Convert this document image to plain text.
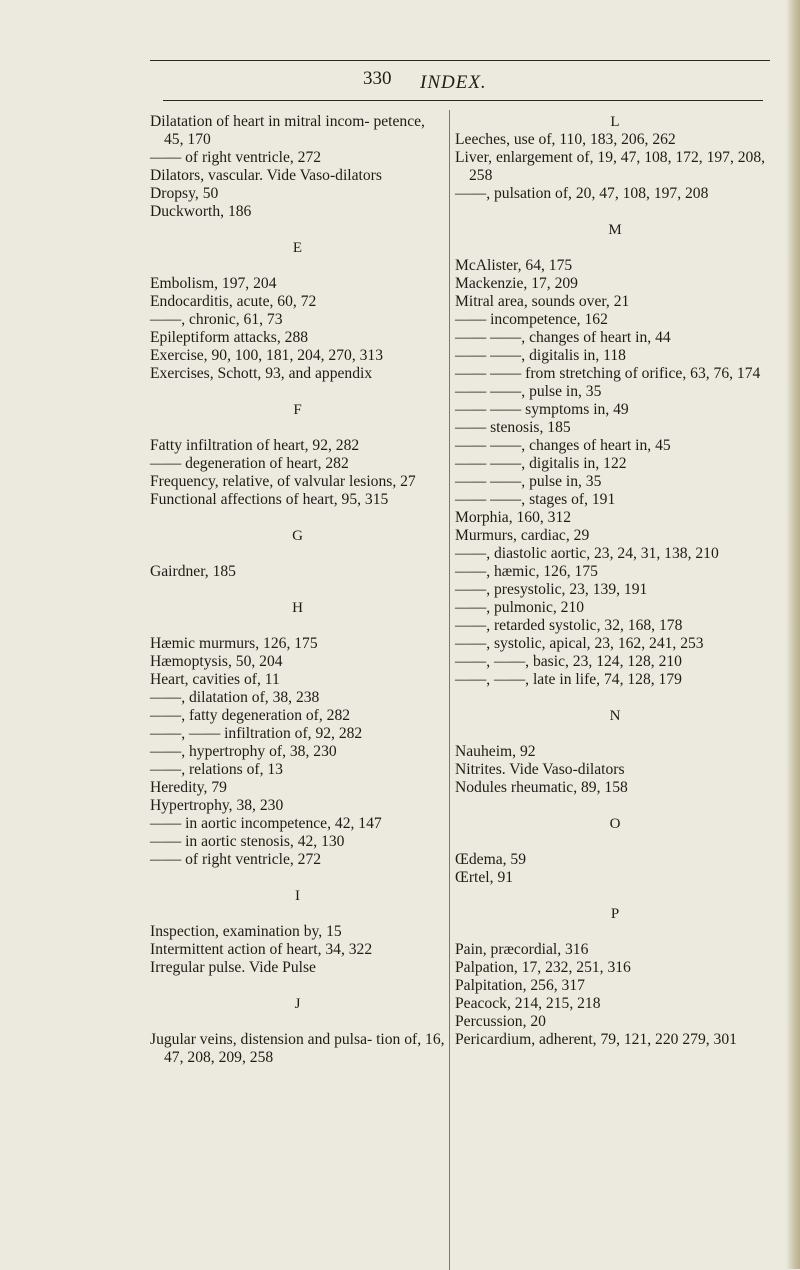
330 INDEX.
Dilatation of heart in mitral incom- petence, 45, 170
—— of right ventricle, 272
Dilators, vascular. Vide Vaso-dilators
Dropsy, 50
Duckworth, 186
E
Embolism, 197, 204
Endocarditis, acute, 60, 72
——, chronic, 61, 73
Epileptiform attacks, 288
Exercise, 90, 100, 181, 204, 270, 313
Exercises, Schott, 93, and appendix
F
Fatty infiltration of heart, 92, 282
—— degeneration of heart, 282
Frequency, relative, of valvular lesions, 27
Functional affections of heart, 95, 315
G
Gairdner, 185
H
Hæmic murmurs, 126, 175
Hæmoptysis, 50, 204
Heart, cavities of, 11
——, dilatation of, 38, 238
——, fatty degeneration of, 282
——, —— infiltration of, 92, 282
——, hypertrophy of, 38, 230
——, relations of, 13
Heredity, 79
Hypertrophy, 38, 230
—— in aortic incompetence, 42, 147
—— in aortic stenosis, 42, 130
—— of right ventricle, 272
I
Inspection, examination by, 15
Intermittent action of heart, 34, 322
Irregular pulse. Vide Pulse
J
Jugular veins, distension and pulsa- tion of, 16, 47, 208, 209, 258
L
Leeches, use of, 110, 183, 206, 262
Liver, enlargement of, 19, 47, 108, 172, 197, 208, 258
——, pulsation of, 20, 47, 108, 197, 208
M
McAlister, 64, 175
Mackenzie, 17, 209
Mitral area, sounds over, 21
—— incompetence, 162
—— ——, changes of heart in, 44
—— ——, digitalis in, 118
—— —— from stretching of orifice, 63, 76, 174
—— ——, pulse in, 35
—— —— symptoms in, 49
—— stenosis, 185
—— ——, changes of heart in, 45
—— ——, digitalis in, 122
—— ——, pulse in, 35
—— ——, stages of, 191
Morphia, 160, 312
Murmurs, cardiac, 29
——, diastolic aortic, 23, 24, 31, 138, 210
——, hæmic, 126, 175
——, presystolic, 23, 139, 191
——, pulmonic, 210
——, retarded systolic, 32, 168, 178
——, systolic, apical, 23, 162, 241, 253
——, ——, basic, 23, 124, 128, 210
——, ——, late in life, 74, 128, 179
N
Nauheim, 92
Nitrites. Vide Vaso-dilators
Nodules rheumatic, 89, 158
O
Œdema, 59
Œrtel, 91
P
Pain, præcordial, 316
Palpation, 17, 232, 251, 316
Palpitation, 256, 317
Peacock, 214, 215, 218
Percussion, 20
Pericardium, adherent, 79, 121, 220 279, 301
